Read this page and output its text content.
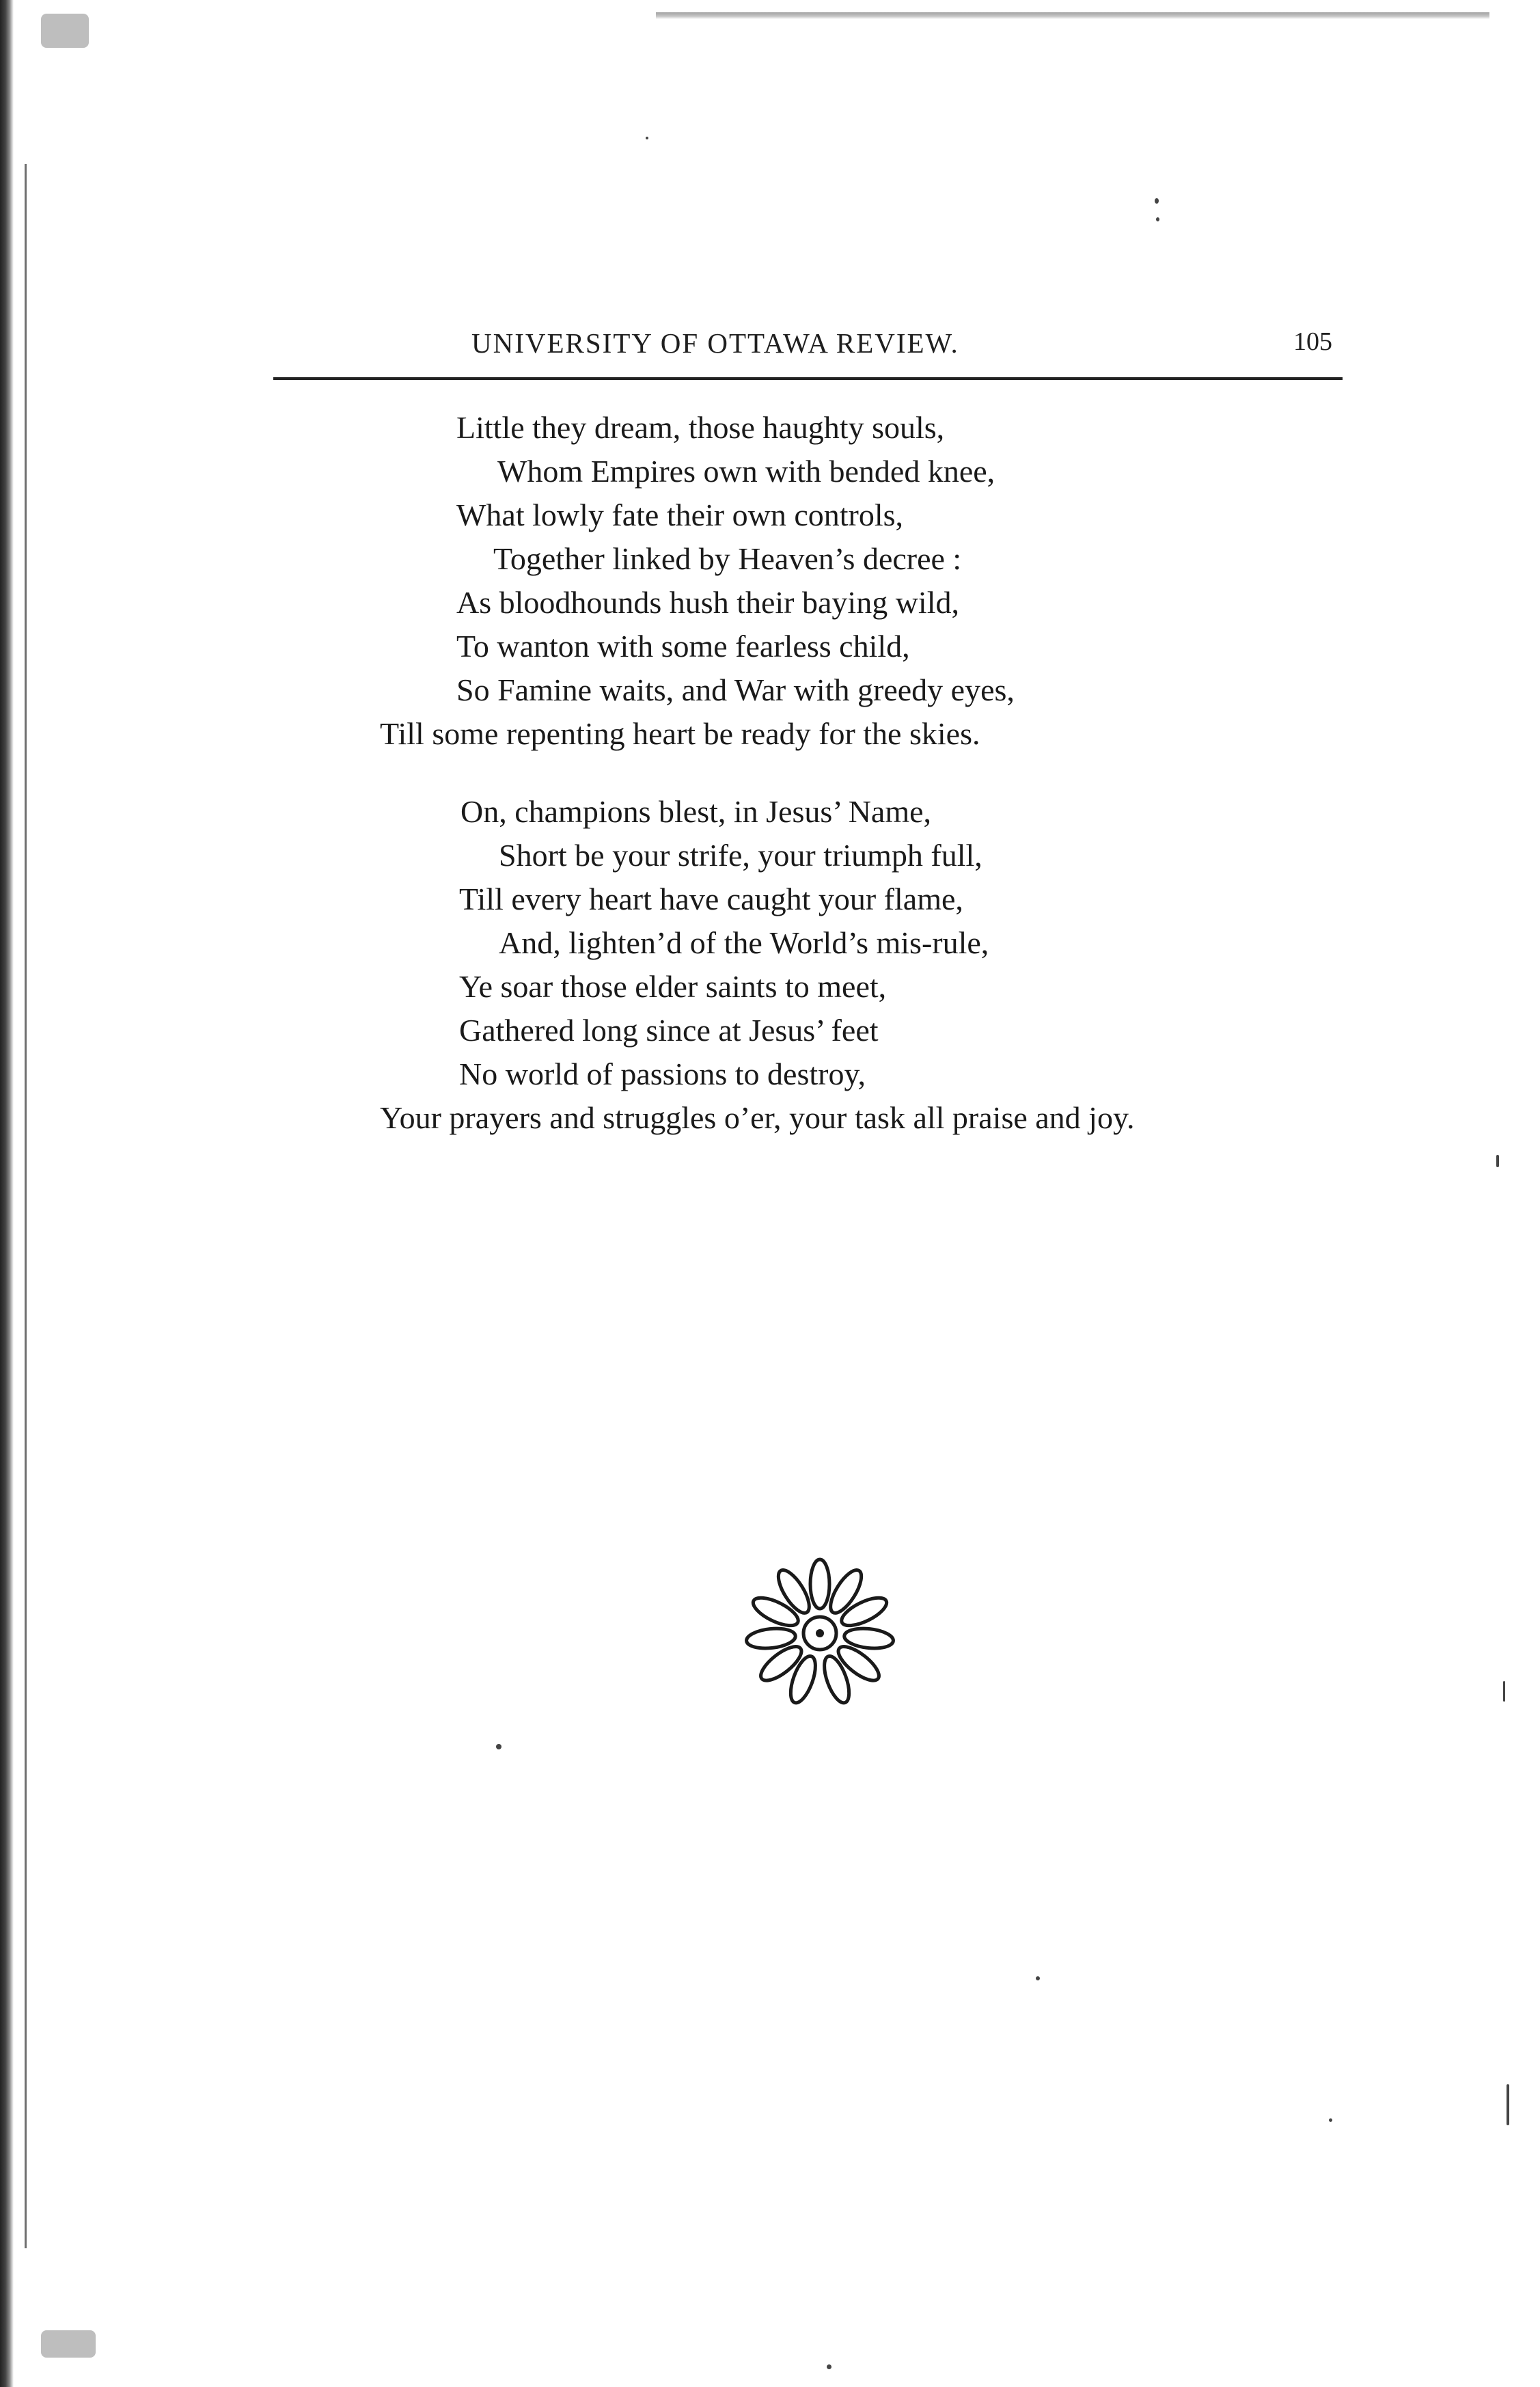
UNIVERSITY OF OTTAWA REVIEW.	105
Little they dream, those haughty souls,
Whom Empires own with bended knee,
What lowly fate their own controls,
Together linked by Heaven’s decree :
As bloodhounds hush their baying wild,
To wanton with some fearless child,
So Famine waits, and War with greedy eyes,
Till some repenting heart be ready for the skies.
On, champions blest, in Jesus’ Name,
Short be your strife, your triumph full,
Till every heart have caught your flame,
And, lighten’d of the World’s mis-rule,
Ye soar those elder saints to meet,
Gathered long since at Jesus’ feet
No world of passions to destroy,
Your prayers and struggles o’er, your task all praise and joy.
